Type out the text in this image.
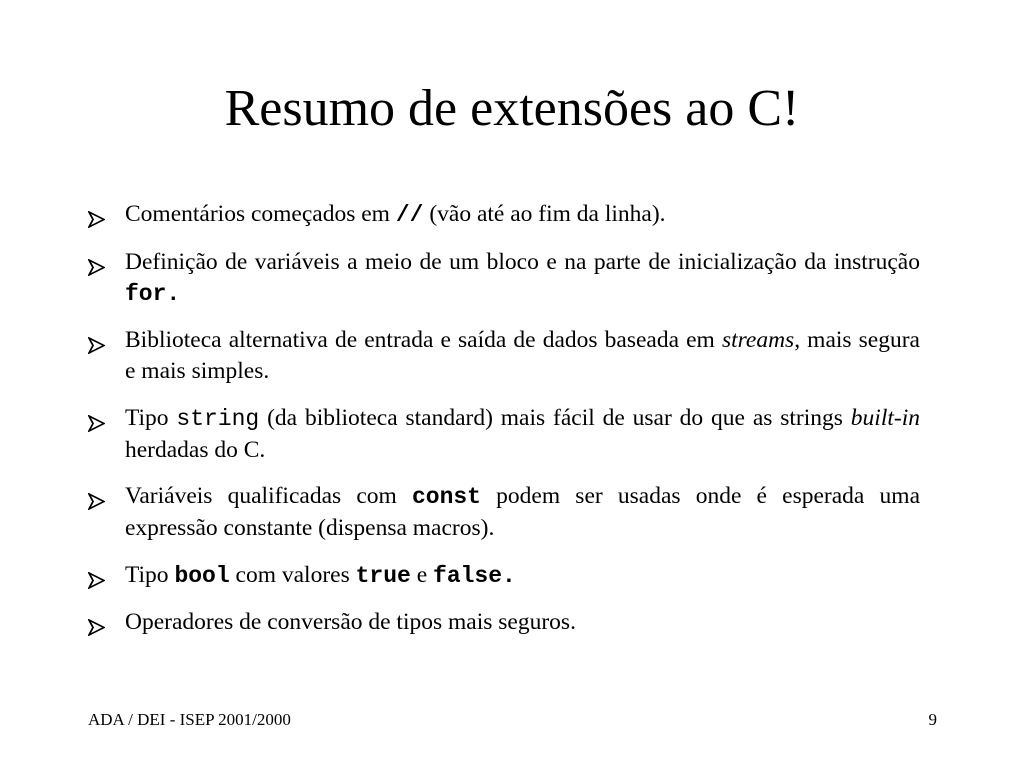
Resumo de extensões ao C!
Comentários começados em // (vão até ao fim da linha).
Definição de variáveis a meio de um bloco e na parte de inicialização da instrução for.
Biblioteca alternativa de entrada e saída de dados baseada em streams, mais segura e mais simples.
Tipo string (da biblioteca standard) mais fácil de usar do que as strings built-in herdadas do C.
Variáveis qualificadas com const podem ser usadas onde é esperada uma expressão constante (dispensa macros).
Tipo bool com valores true e false.
Operadores de conversão de tipos mais seguros.
ADA / DEI - ISEP 2001/2000	9
